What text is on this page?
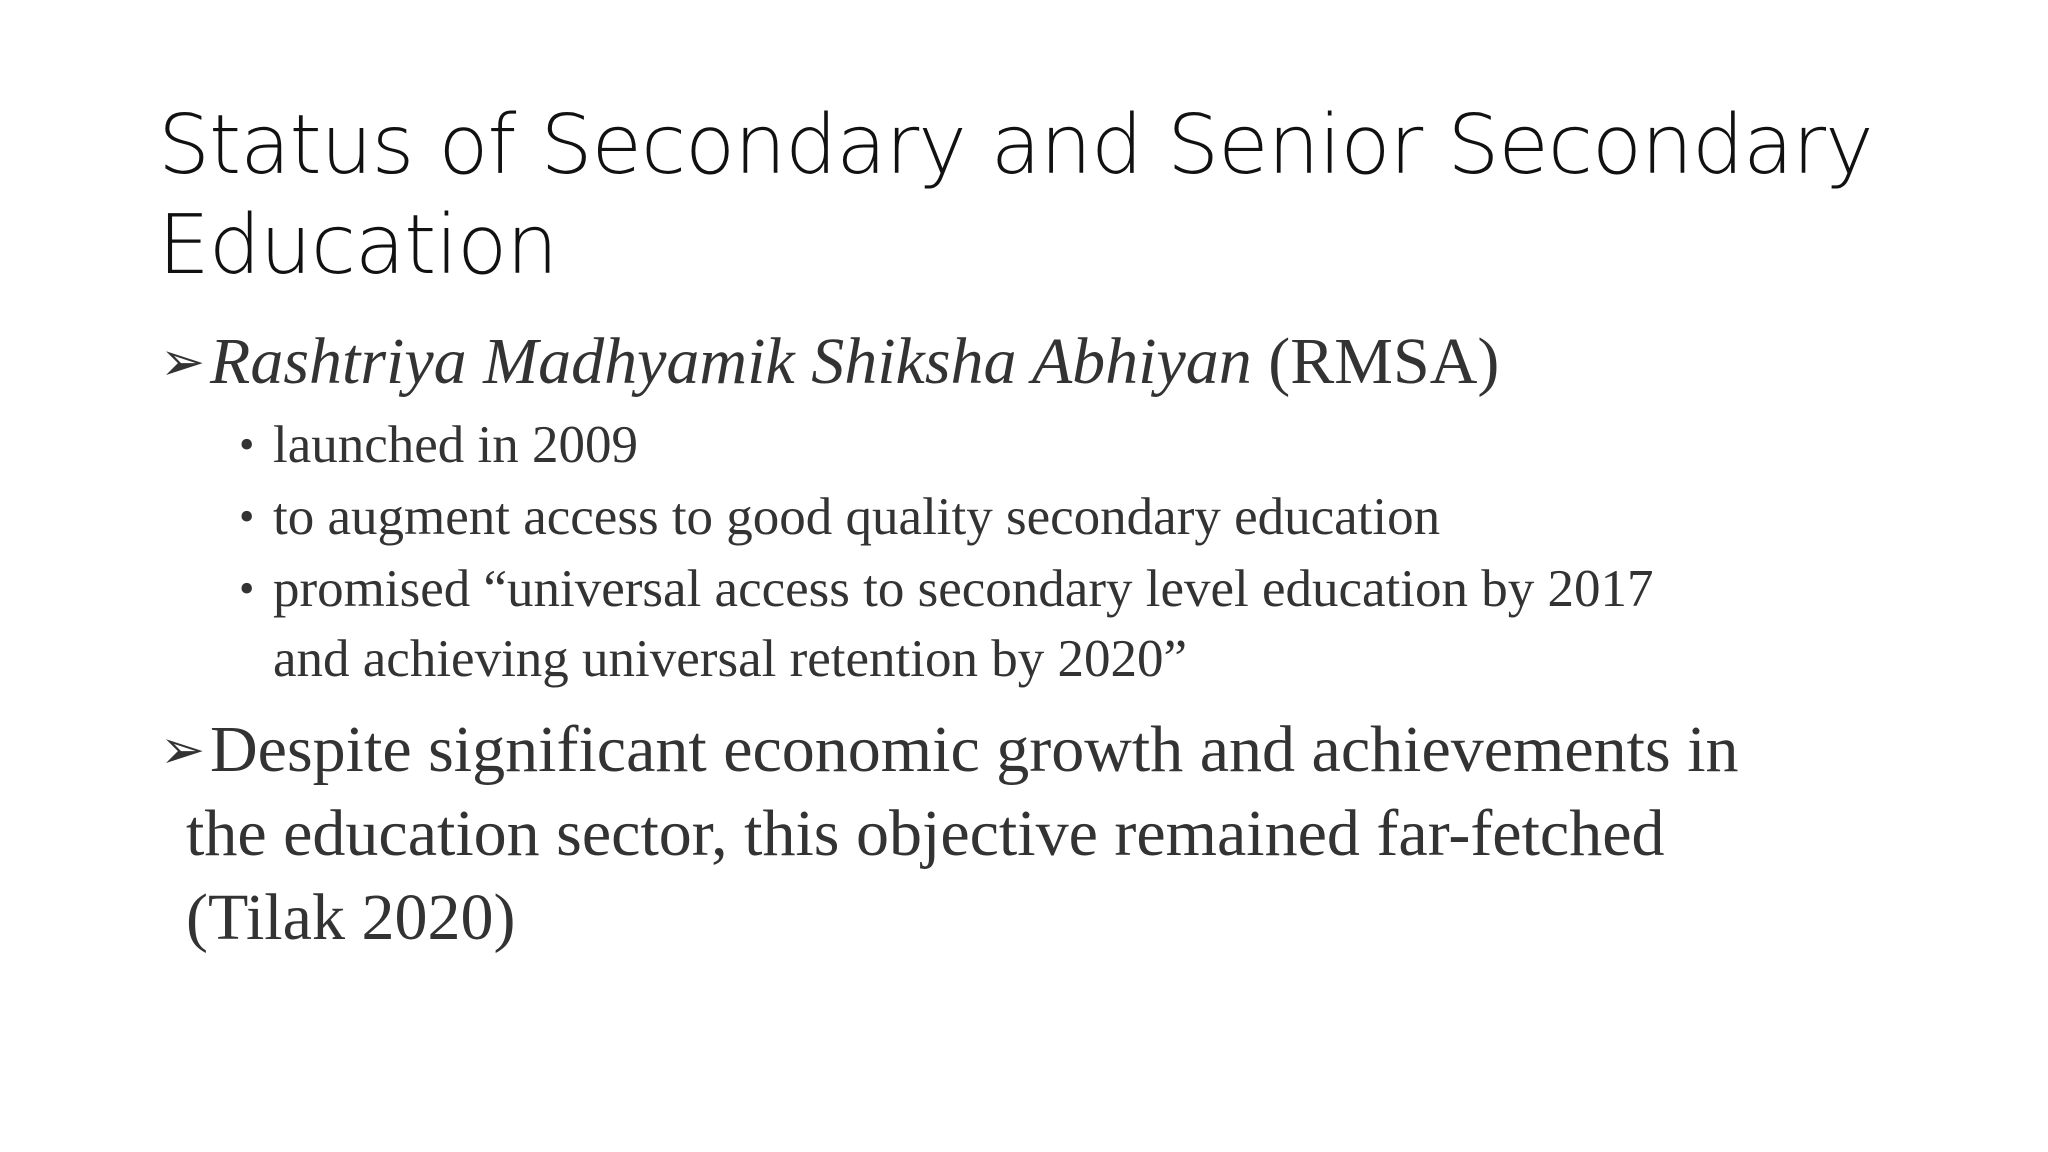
Status of Secondary and Senior Secondary
Education
➢ Rashtriya Madhyamik Shiksha Abhiyan (RMSA)
• launched in 2009
• to augment access to good quality secondary education
• promised “universal access to secondary level education by 2017
and achieving universal retention by 2020”
➢ Despite significant economic growth and achievements in
the education sector, this objective remained far-fetched
(Tilak 2020)
